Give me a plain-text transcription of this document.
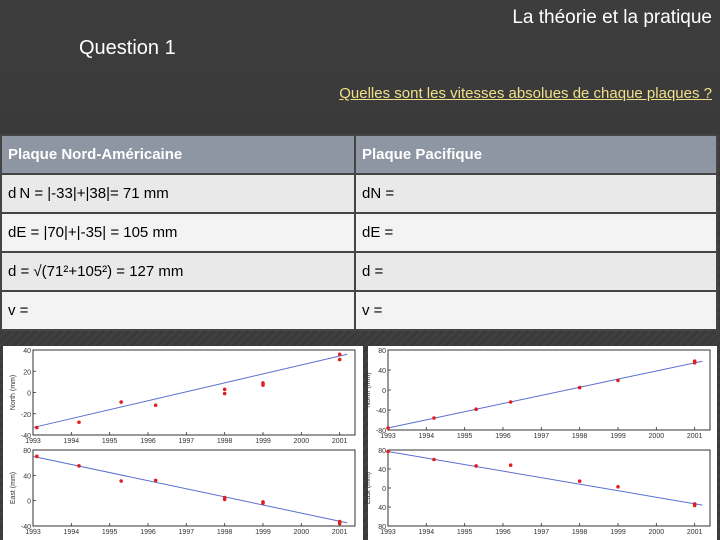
La théorie et la pratique
Question 1
Quelles sont les vitesses absolues de chaque plaques ?
Plaque Nord-Américaine	Plaque Pacifique
d N = |-33|+|38|= 71 mm	dN =
dE = |70|+|-35| = 105 mm	dE =
d = √(71²+105²) = 127 mm	d =
v =	v =
1993	1994	1995	1996	1997	1998	1999	2000	2001
40
20
0
-20
-40
North (mm)
1993	1994	1995	1996	1997	1998	1999	2000	2001
80
40
0
-40
East (mm)
1993	1994	1995	1996	1997	1998	1999	2000	2001
80
40
0
-40
-80
North (mm)
1993	1994	1995	1996	1997	1998	1999	2000	2001
80
40
0
40
80
East (mm)
